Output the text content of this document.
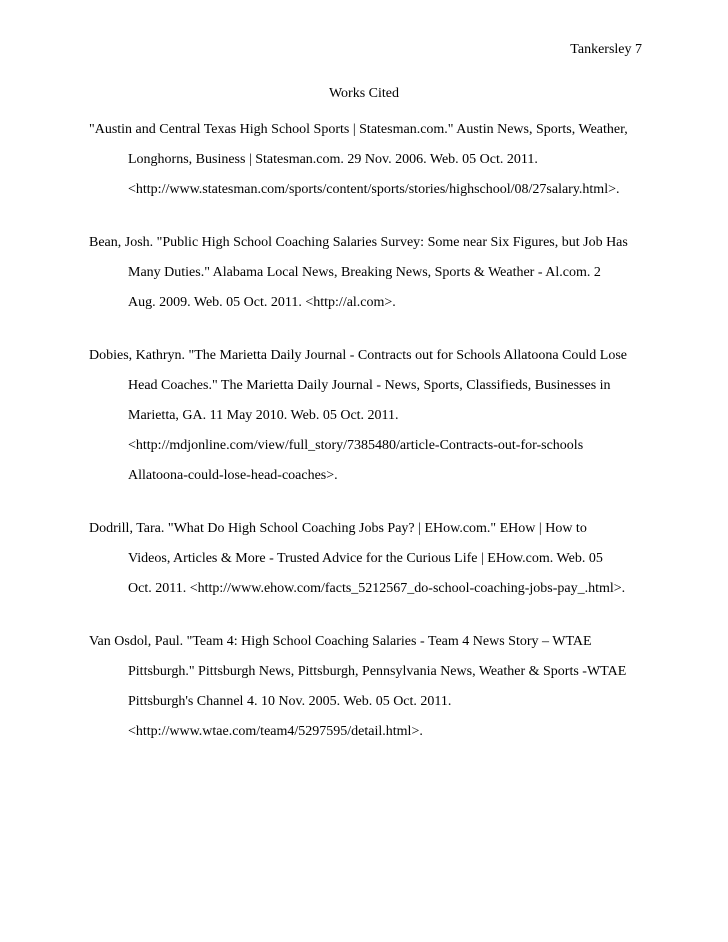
Tankersley 7
Works Cited
"Austin and Central Texas High School Sports | Statesman.com." Austin News, Sports, Weather,
Longhorns, Business | Statesman.com. 29 Nov. 2006. Web. 05 Oct. 2011.
<http://www.statesman.com/sports/content/sports/stories/highschool/08/27salary.html>.
Bean, Josh. "Public High School Coaching Salaries Survey: Some near Six Figures, but Job Has
Many Duties." Alabama Local News, Breaking News, Sports & Weather - Al.com. 2
Aug. 2009. Web. 05 Oct. 2011. <http://al.com>.
Dobies, Kathryn. "The Marietta Daily Journal - Contracts out for Schools Allatoona Could Lose
Head Coaches." The Marietta Daily Journal - News, Sports, Classifieds, Businesses in
Marietta, GA. 11 May 2010. Web. 05 Oct. 2011.
<http://mdjonline.com/view/full_story/7385480/article-Contracts-out-for-schools
Allatoona-could-lose-head-coaches>.
Dodrill, Tara. "What Do High School Coaching Jobs Pay? | EHow.com." EHow | How to
Videos, Articles & More - Trusted Advice for the Curious Life | EHow.com. Web. 05
Oct. 2011. <http://www.ehow.com/facts_5212567_do-school-coaching-jobs-pay_.html>.
Van Osdol, Paul. "Team 4: High School Coaching Salaries - Team 4 News Story – WTAE
Pittsburgh." Pittsburgh News, Pittsburgh, Pennsylvania News, Weather & Sports -WTAE
Pittsburgh's Channel 4. 10 Nov. 2005. Web. 05 Oct. 2011.
<http://www.wtae.com/team4/5297595/detail.html>.
